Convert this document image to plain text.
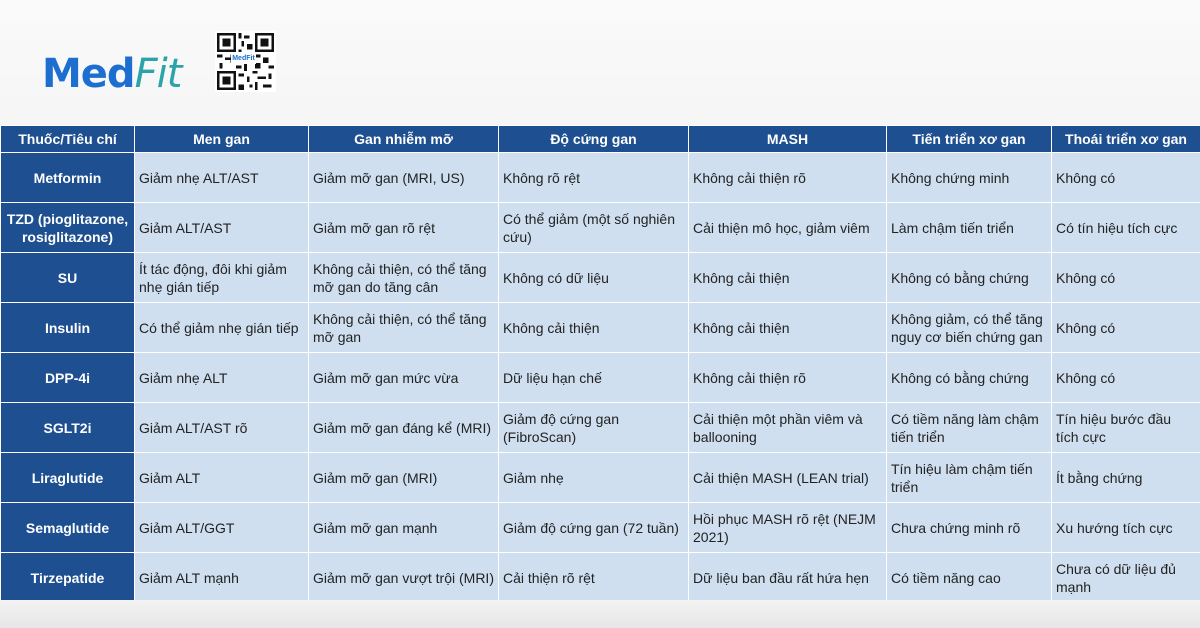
MedFit	MedFit
Thuốc/Tiêu chí	Men gan	Gan nhiễm mỡ	Độ cứng gan	MASH	Tiến triển xơ gan	Thoái triển xơ gan
Metformin	Giảm nhẹ ALT/AST	Giảm mỡ gan (MRI, US)	Không rõ rệt	Không cải thiện rõ	Không chứng minh	Không có
TZD (pioglitazone, rosiglitazone)	Giảm ALT/AST	Giảm mỡ gan rõ rệt	Có thể giảm (một số nghiên cứu)	Cải thiện mô học, giảm viêm	Làm chậm tiến triển	Có tín hiệu tích cực
SU	Ít tác động, đôi khi giảm nhẹ gián tiếp	Không cải thiện, có thể tăng mỡ gan do tăng cân	Không có dữ liệu	Không cải thiện	Không có bằng chứng	Không có
Insulin	Có thể giảm nhẹ gián tiếp	Không cải thiện, có thể tăng mỡ gan	Không cải thiện	Không cải thiện	Không giảm, có thể tăng nguy cơ biến chứng gan	Không có
DPP-4i	Giảm nhẹ ALT	Giảm mỡ gan mức vừa	Dữ liệu hạn chế	Không cải thiện rõ	Không có bằng chứng	Không có
SGLT2i	Giảm ALT/AST rõ	Giảm mỡ gan đáng kể (MRI)	Giảm độ cứng gan (FibroScan)	Cải thiện một phần viêm và ballooning	Có tiềm năng làm chậm tiến triển	Tín hiệu bước đầu tích cực
Liraglutide	Giảm ALT	Giảm mỡ gan (MRI)	Giảm nhẹ	Cải thiện MASH (LEAN trial)	Tín hiệu làm chậm tiến triển	Ít bằng chứng
Semaglutide	Giảm ALT/GGT	Giảm mỡ gan mạnh	Giảm độ cứng gan (72 tuần)	Hồi phục MASH rõ rệt (NEJM 2021)	Chưa chứng minh rõ	Xu hướng tích cực
Tirzepatide	Giảm ALT mạnh	Giảm mỡ gan vượt trội (MRI)	Cải thiện rõ rệt	Dữ liệu ban đầu rất hứa hẹn	Có tiềm năng cao	Chưa có dữ liệu đủ mạnh
